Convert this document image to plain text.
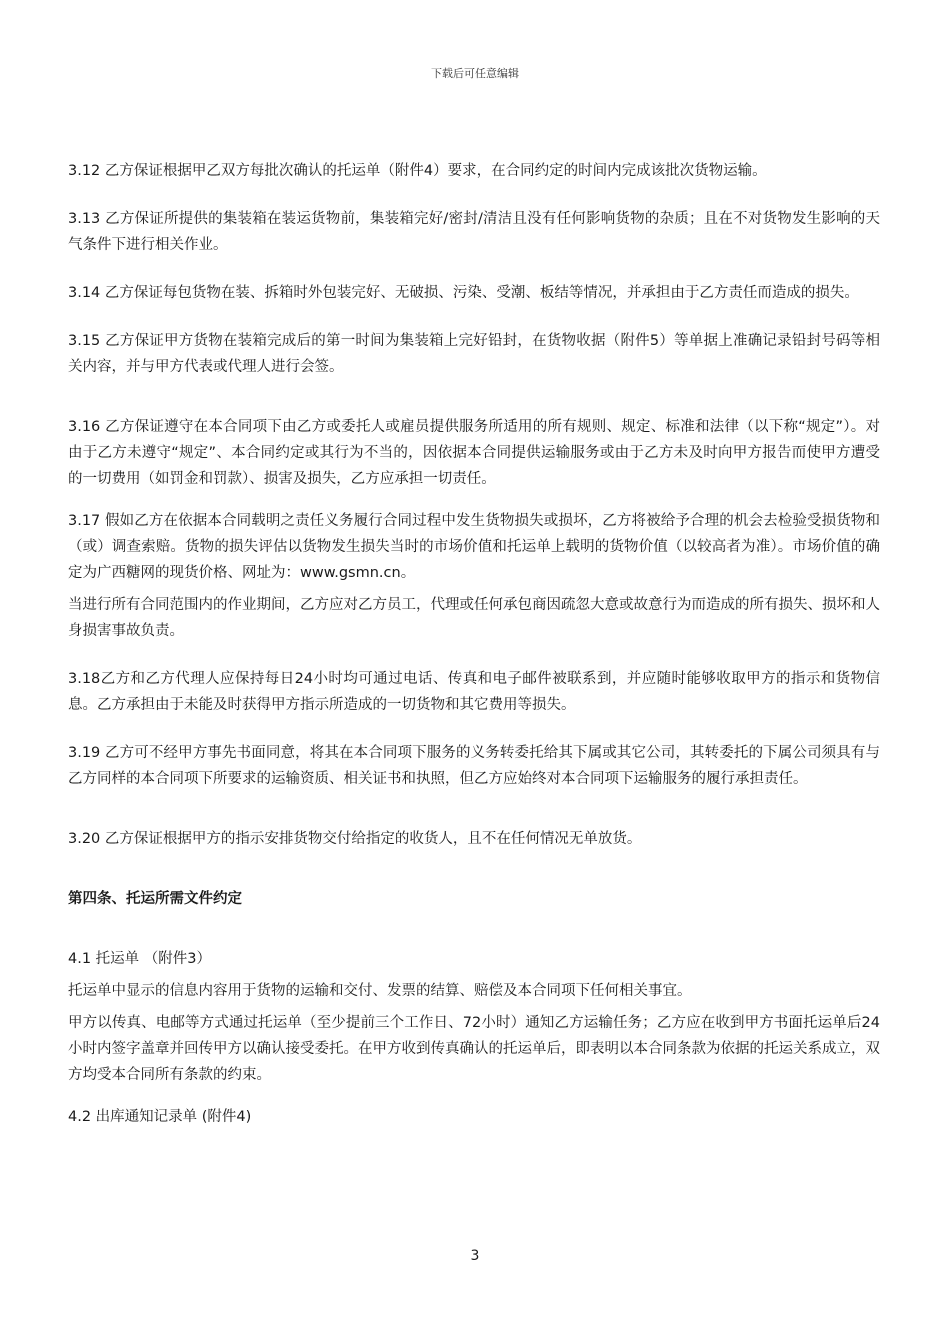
下载后可任意编辑

3.12 乙方保证根据甲乙双方每批次确认的托运单（附件4）要求，在合同约定的时间内完成该批次货物运输。

3.13 乙方保证所提供的集装箱在装运货物前，集装箱完好/密封/清洁且没有任何影响货物的杂质；且在不对货物发生影响的天气条件下进行相关作业。

3.14 乙方保证每包货物在装、拆箱时外包装完好、无破损、污染、受潮、板结等情况，并承担由于乙方责任而造成的损失。

3.15 乙方保证甲方货物在装箱完成后的第一时间为集装箱上完好铅封，在货物收据（附件5）等单据上准确记录铅封号码等相关内容，并与甲方代表或代理人进行会签。

3.16 乙方保证遵守在本合同项下由乙方或委托人或雇员提供服务所适用的所有规则、规定、标准和法律（以下称“规定”）。对由于乙方未遵守“规定”、本合同约定或其行为不当的，因依据本合同提供运输服务或由于乙方未及时向甲方报告而使甲方遭受的一切费用（如罚金和罚款）、损害及损失，乙方应承担一切责任。

3.17 假如乙方在依据本合同载明之责任义务履行合同过程中发生货物损失或损坏，乙方将被给予合理的机会去检验受损货物和（或）调查索赔。货物的损失评估以货物发生损失当时的市场价值和托运单上载明的货物价值（以较高者为准）。市场价值的确定为广西糖网的现货价格、网址为：www.gsmn.cn。

当进行所有合同范围内的作业期间，乙方应对乙方员工，代理或任何承包商因疏忽大意或故意行为而造成的所有损失、损坏和人身损害事故负责。

3.18乙方和乙方代理人应保持每日24小时均可通过电话、传真和电子邮件被联系到，并应随时能够收取甲方的指示和货物信息。乙方承担由于未能及时获得甲方指示所造成的一切货物和其它费用等损失。

3.19 乙方可不经甲方事先书面同意，将其在本合同项下服务的义务转委托给其下属或其它公司，其转委托的下属公司须具有与乙方同样的本合同项下所要求的运输资质、相关证书和执照，但乙方应始终对本合同项下运输服务的履行承担责任。

3.20 乙方保证根据甲方的指示安排货物交付给指定的收货人，且不在任何情况无单放货。

第四条、托运所需文件约定

4.1 托运单 （附件3）

托运单中显示的信息内容用于货物的运输和交付、发票的结算、赔偿及本合同项下任何相关事宜。

甲方以传真、电邮等方式通过托运单（至少提前三个工作日、72小时）通知乙方运输任务；乙方应在收到甲方书面托运单后24小时内签字盖章并回传甲方以确认接受委托。在甲方收到传真确认的托运单后，即表明以本合同条款为依据的托运关系成立，双方均受本合同所有条款的约束。

4.2 出库通知记录单 (附件4)

3
